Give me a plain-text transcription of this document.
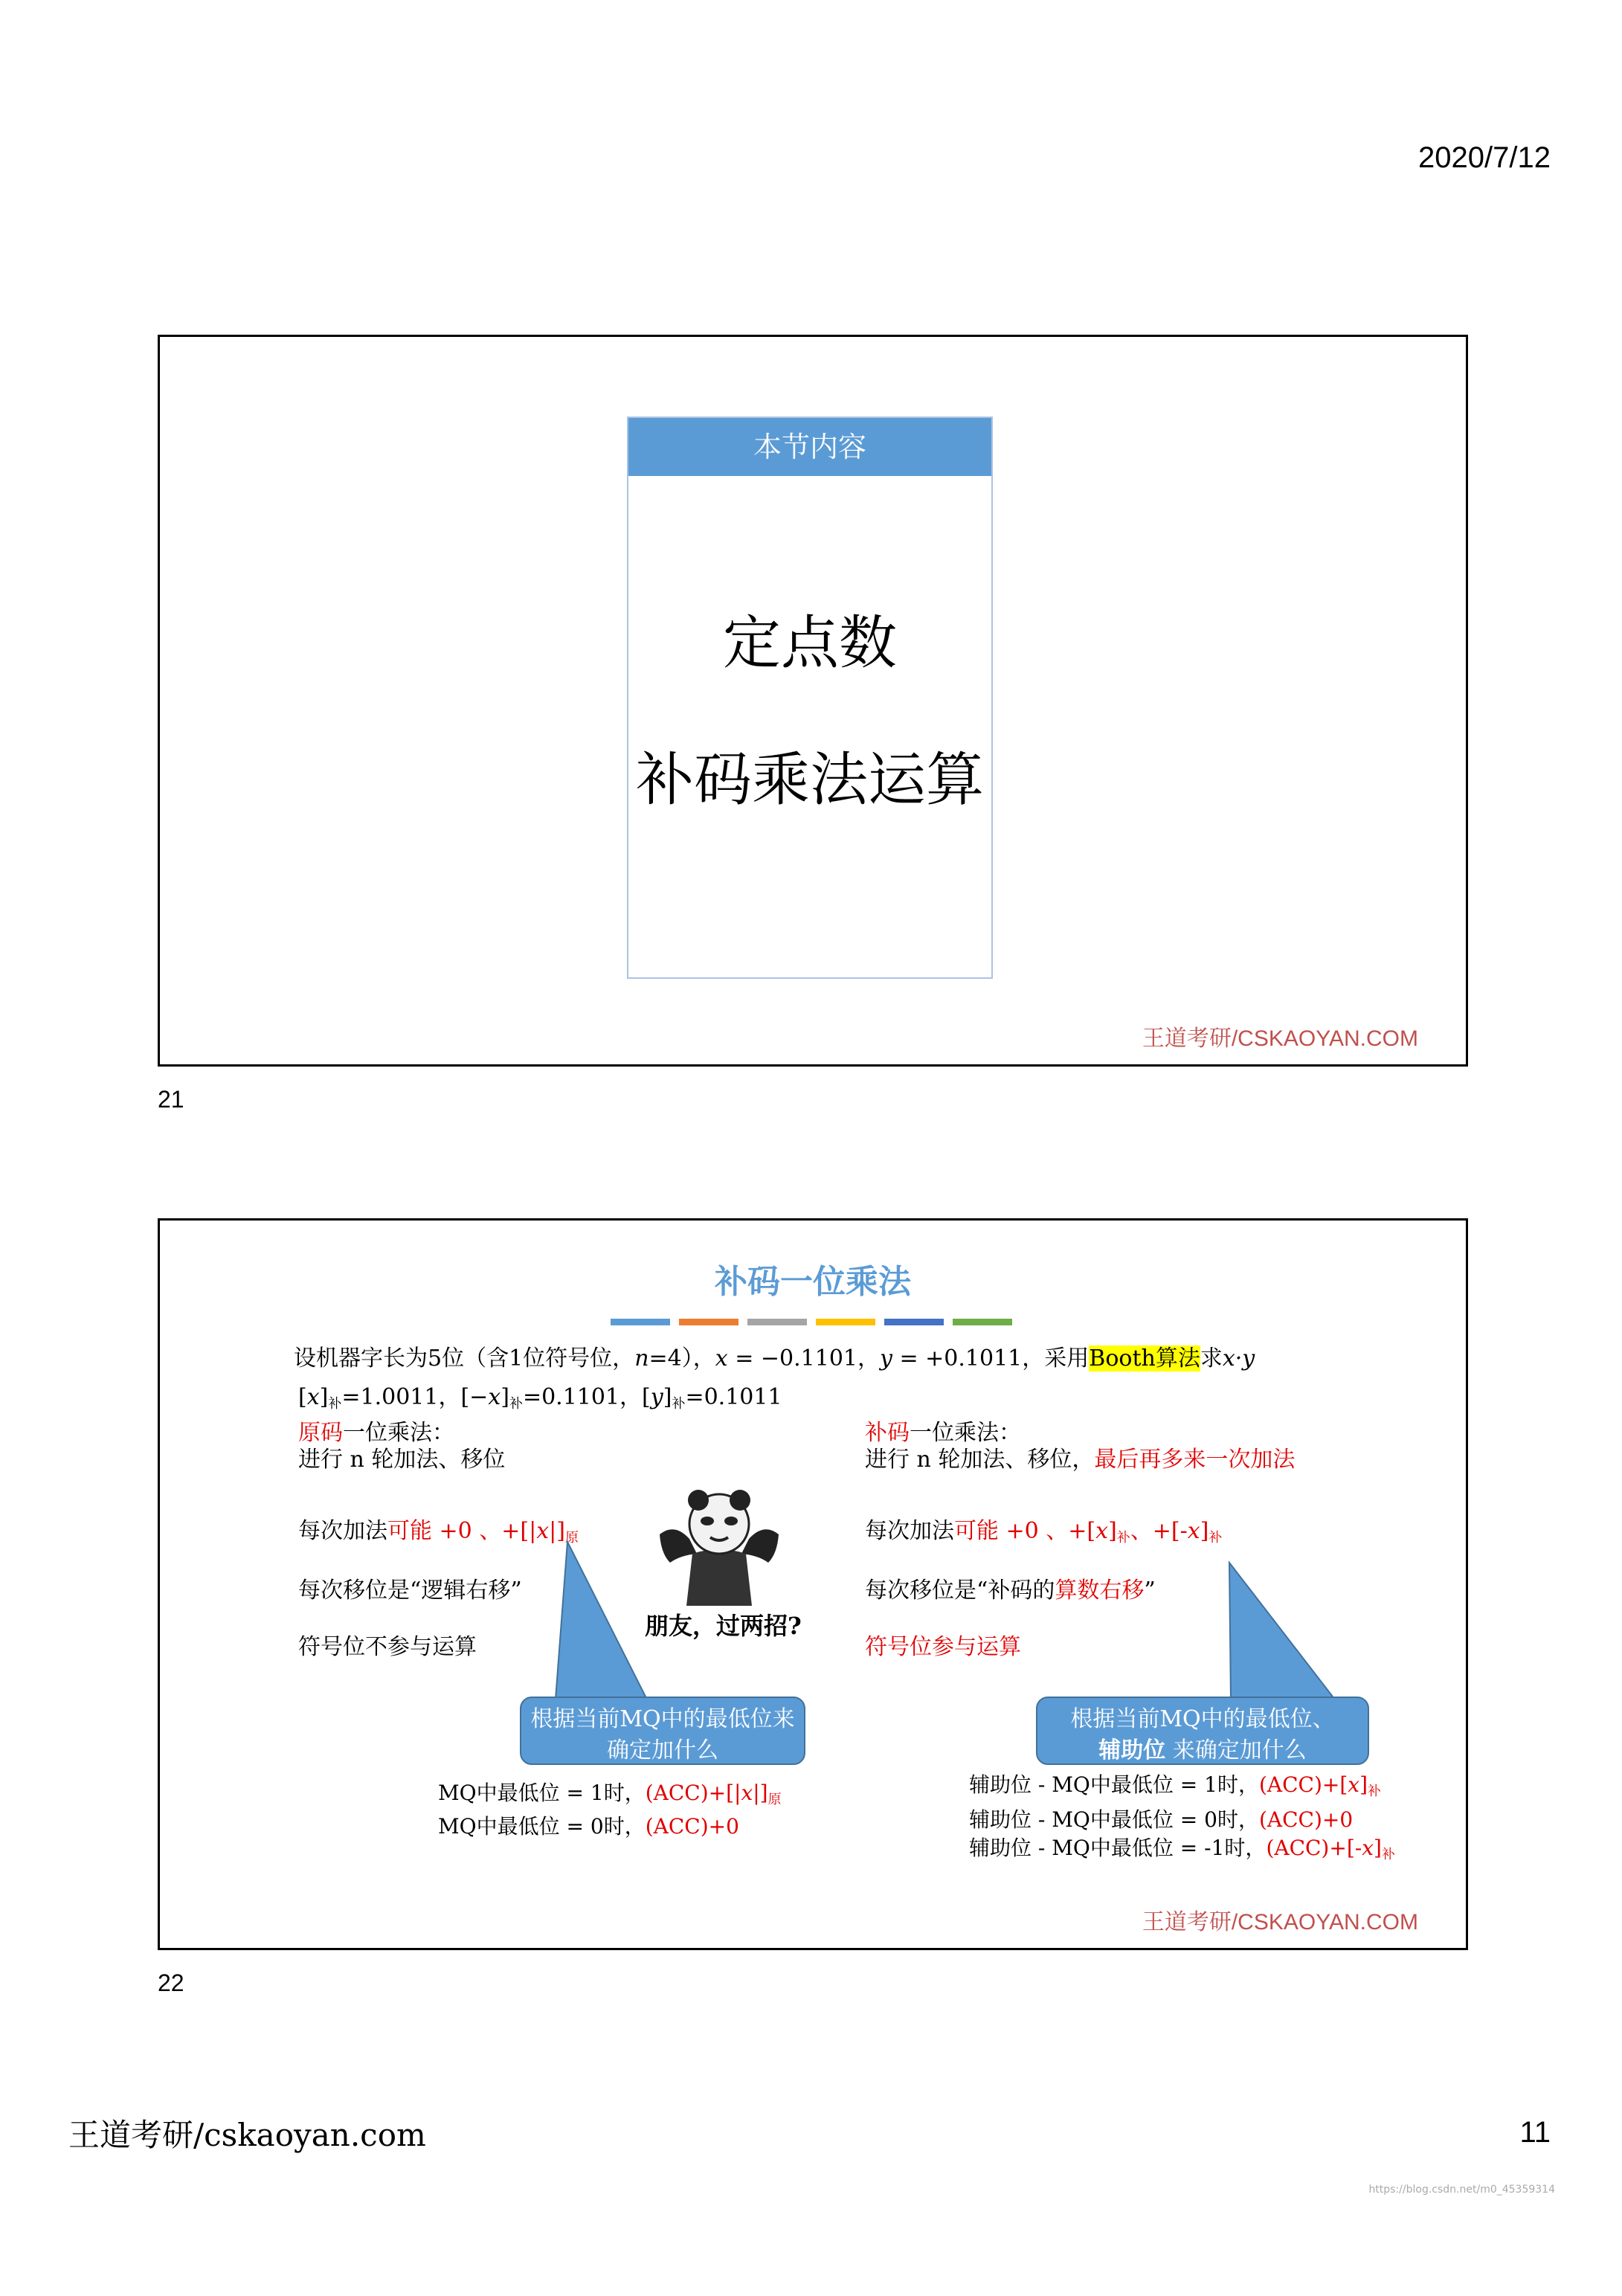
2020/7/12
本节内容
定点数
补码乘法运算
王道考研/CSKAOYAN.COM
21
补码一位乘法
设机器字长为5位（含1位符号位，n=4），x = −0.1101，y = +0.1011，采用Booth算法求x·y
$[x]_补=1.0011$，$[-x]_补=0.1101$，$[y]_补=0.1011$
原码一位乘法：
进行 n 轮加法、移位
每次加法可能 +0 、$+[|x|]_原$
每次移位是“逻辑右移”
符号位不参与运算
补码一位乘法：
进行 n 轮加法、移位，最后再多来一次加法
每次加法可能 +0 、$+[x]_补$、$+[-x]_补$
每次移位是“补码的算数右移”
符号位参与运算
根据当前MQ中的最低位来确定加什么
根据当前MQ中的最低位、
辅助位 来确定加什么
朋友，过两招?
MQ中最低位 = 1时，$(ACC)+[|x|]_原$
MQ中最低位 = 0时，(ACC)+0
辅助位 - MQ中最低位 = 1时，$(ACC)+[x]_补$
辅助位 - MQ中最低位 = 0时，(ACC)+0
辅助位 - MQ中最低位 = -1时，$(ACC)+[-x]_补$
王道考研/CSKAOYAN.COM
22
王道考研/cskaoyan.com	11
https://blog.csdn.net/m0_45359314
